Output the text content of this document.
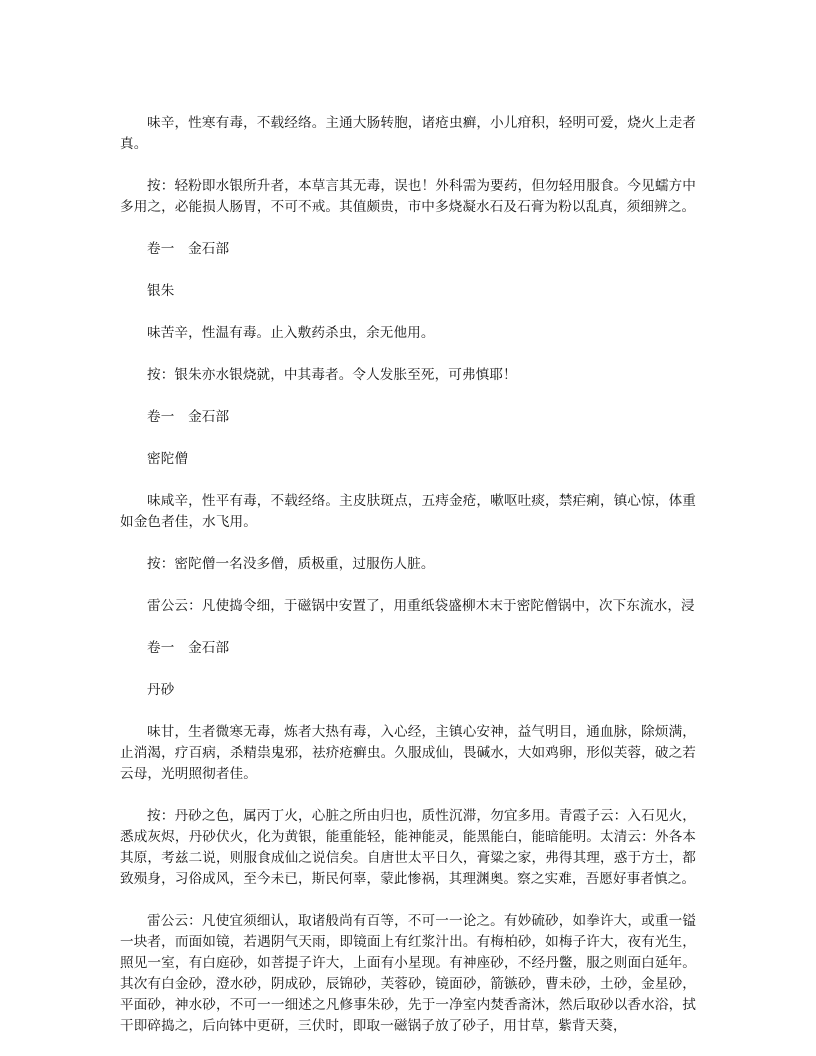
味辛，性寒有毒，不载经络。主通大肠转胞，诸疮虫癣，小儿疳积，轻明可爱，烧火上走者真。

按：轻粉即水银所升者，本草言其无毒，误也！外科需为要药，但勿轻用服食。今见蠕方中多用之，必能损人肠胃，不可不戒。其值颇贵，市中多烧凝水石及石膏为粉以乱真，须细辨之。

卷一　金石部

银朱

味苦辛，性温有毒。止入敷药杀虫，余无他用。

按：银朱亦水银烧就，中其毒者。令人发胀至死，可弗慎耶！

卷一　金石部

密陀僧

味咸辛，性平有毒，不载经络。主皮肤斑点，五痔金疮，嗽呕吐痰，禁疟痢，镇心惊，体重如金色者佳，水飞用。

按：密陀僧一名没多僧，质极重，过服伤人脏。

雷公云：凡使捣令细，于磁锅中安置了，用重纸袋盛柳木末于密陀僧锅中，次下东流水，浸

卷一　金石部

丹砂

味甘，生者微寒无毒，炼者大热有毒，入心经，主镇心安神，益气明目，通血脉，除烦满，止消渴，疗百病，杀精祟鬼邪，祛疥疮癣虫。久服成仙，畏碱水，大如鸡卵，形似芙蓉，破之若云母，光明照彻者佳。

按：丹砂之色，属丙丁火，心脏之所由归也，质性沉滞，勿宜多用。青霞子云：入石见火，悉成灰烬，丹砂伏火，化为黄银，能重能轻，能神能灵，能黑能白，能暗能明。太清云：外各本其原，考兹二说，则服食成仙之说信矣。自唐世太平日久，膏粱之家，弗得其理，惑于方士，都致殒身，习俗成风，至今未已，斯民何辜，蒙此惨祸，其理渊奥。察之实难，吾愿好事者慎之。

雷公云：凡使宜须细认，取诸般尚有百等，不可一一论之。有妙硫砂，如拳许大，或重一镒一块者，而面如镜，若遇阴气天雨，即镜面上有红浆汁出。有梅柏砂，如梅子许大，夜有光生，照见一室，有白庭砂，如菩提子许大，上面有小星现。有神座砂，不经丹鳖，服之则面白延年。其次有白金砂，澄水砂，阴成砂，辰锦砂，芙蓉砂，镜面砂，箭镞砂，曹未砂，土砂，金星砂，平面砂，神水砂，不可一一细述之凡修事朱砂，先于一净室内焚香斋沐，然后取砂以香水浴，拭干即碎捣之，后向钵中更研，三伏时，即取一磁锅子放了砂子，用甘草，紫背天葵，
